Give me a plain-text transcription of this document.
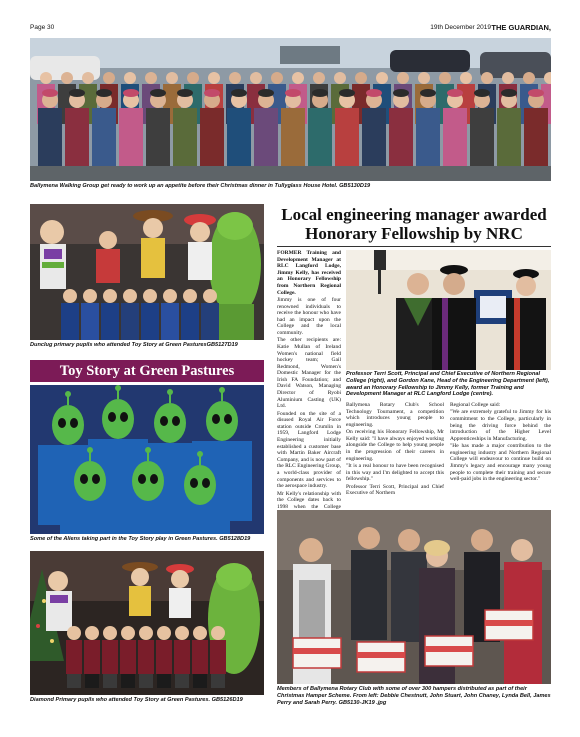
Page 30	19th December 2019 THE GUARDIAN,
Ballymena Walking Group get ready to work up an appetite before their Christmas dinner in Tullyglass House Hotel. GB5130D19
Dunclug primary pupils who attended Toy Story at Green PasturesGB5127D19
Toy Story at Green Pastures
Some of the Aliens taking part in the Toy Story play in Green Pastures. GB5128D19
Diamond Primary pupils who attended Toy Story at Green Pastures. GB5126D19
Local engineering manager awarded Honorary Fellowship by NRC

FORMER Training and Development Manager at RLC Langford Lodge, Jimmy Kelly, has received an Honorary Fellowship from Northern Regional College.

Jimmy is one of four renowned individuals to receive the honour who have had an impact upon the College and the local community.

The other recipients are: Katie Mullan of Ireland Women's national field hockey team; Gail Redmond, Women's Domestic Manager for the Irish FA Foundation; and David Watson, Managing Director of Ryobi Aluminium Casting (UK) Ltd.

Founded on the site of a disused Royal Air Force station outside Crumlin in 1959, Langford Lodge Engineering initially established a customer base with Martin Baker Aircraft Company, and is now part of the RLC Engineering Group, a world-class provider of components and services to the aerospace industry.

Mr Kelly's relationship with the College dates back to 1998 when the College

Professor Terri Scott, Principal and Chief Executive of Northern Regional College (right), and Gordon Kane, Head of the Engineering Department (left), award an Honorary Fellowship to Jimmy Kelly, former Training and Development Manager at RLC Langford Lodge (centre).

Ballymena Rotary Club's School Technology Tournament, a competition which introduces young people to engineering.

On receiving his Honorary Fellowship, Mr Kelly said: "I have always enjoyed working alongside the College to help young people in the progression of their careers in engineering.

"It is a real honour to have been recognised in this way and I'm delighted to accept this fellowship."

Professor Terri Scott, Principal and Chief Executive of Northern

Regional College said:

"We are extremely grateful to Jimmy for his commitment to the College, particularly in being the driving force behind the introduction of the Higher Level Apprenticeships in Manufacturing.

"He has made a major contribution to the engineering industry and Northern Regional College will endeavour to continue build on Jimmy's legacy and encourage many young people to complete their training and secure well-paid jobs in the engineering sector."

Members of Ballymena Rotary Club with some of over 300 hampers distributed as part of their Christmas Hamper Scheme. From left: Debbie Chestnutt, John Stuart, John Chaney, Lynda Bell, James Perry and Sarah Perry. GB5130-JK19 .jpg
